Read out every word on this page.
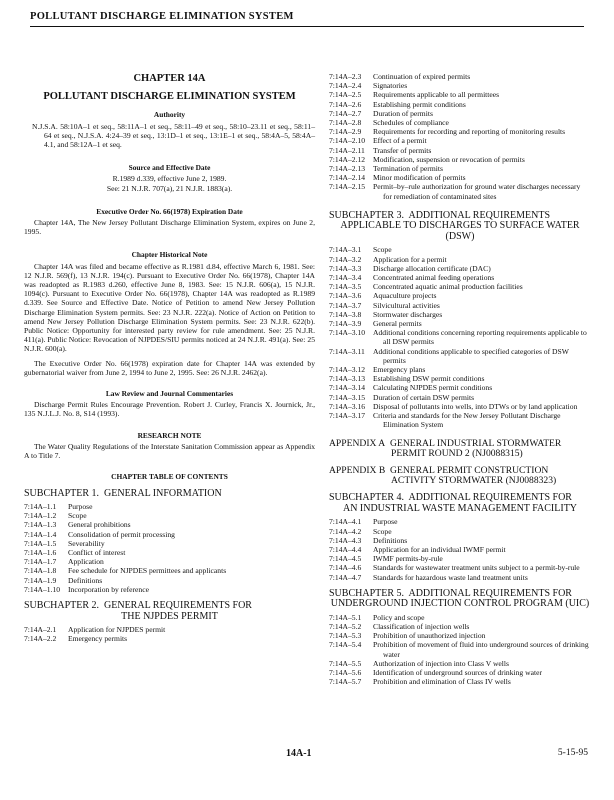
POLLUTANT DISCHARGE ELIMINATION SYSTEM
CHAPTER 14A
POLLUTANT DISCHARGE ELIMINATION SYSTEM
Authority

N.J.S.A. 58:10A–1 et seq., 58:11A–1 et seq., 58:11–49 et seq., 58:10–23.11 et seq., 58:11–64 et seq., N.J.S.A. 4:24–39 et seq., 13:1D–1 et seq., 13:1E–1 et seq., 58:4A–5, 58:4A–4.1, and 58:12A–1 et seq.

Source and Effective Date
R.1989 d.339, effective June 2, 1989.
See: 21 N.J.R. 707(a), 21 N.J.R. 1883(a).
Executive Order No. 66(1978) Expiration Date

Chapter 14A, The New Jersey Pollutant Discharge Elimination System, expires on June 2, 1995.

Chapter Historical Note

Chapter 14A was filed and became effective as R.1981 d.84, effective March 6, 1981. See: 12 N.J.R. 569(f), 13 N.J.R. 194(c). Pursuant to Executive Order No. 66(1978), Chapter 14A was readopted as R.1983 d.260, effective June 8, 1983. See: 15 N.J.R. 606(a), 15 N.J.R. 1094(c). Pursuant to Executive Order No. 66(1978), Chapter 14A was readopted as R.1989 d.339. See Source and Effective Date. Notice of Petition to amend New Jersey Pollution Discharge Elimination System permits. See: 23 N.J.R. 222(a). Notice of Action on Petition to amend New Jersey Pollution Discharge Elimination System permits. See: 23 N.J.R. 622(b). Public Notice: Opportunity for interested party review for rule amendment. See: 25 N.J.R. 411(a). Public Notice: Revocation of NJPDES/SIU permits noticed at 24 N.J.R. 491(a). See: 25 N.J.R. 600(a).

The Executive Order No. 66(1978) expiration date for Chapter 14A was extended by gubernatorial waiver from June 2, 1994 to June 2, 1995. See: 26 N.J.R. 2462(a).

Law Review and Journal Commentaries

Discharge Permit Rules Encourage Prevention. Robert J. Curley, Francis X. Journick, Jr., 135 N.J.L.J. No. 8, S14 (1993).

RESEARCH NOTE

The Water Quality Regulations of the Interstate Sanitation Commission appear as Appendix A to Title 7.

CHAPTER TABLE OF CONTENTS
SUBCHAPTER 1. GENERAL INFORMATION
7:14A–1.1	Purpose
7:14A–1.2	Scope
7:14A–1.3	General prohibitions
7:14A–1.4	Consolidation of permit processing
7:14A–1.5	Severability
7:14A–1.6	Conflict of interest
7:14A–1.7	Application
7:14A–1.8	Fee schedule for NJPDES permittees and applicants
7:14A–1.9	Definitions
7:14A–1.10	Incorporation by reference
SUBCHAPTER 2. GENERAL REQUIREMENTS FOR
THE NJPDES PERMIT
7:14A–2.1	Application for NJPDES permit
7:14A–2.2	Emergency permits
7:14A–2.3	Continuation of expired permits
7:14A–2.4	Signatories
7:14A–2.5	Requirements applicable to all permittees
7:14A–2.6	Establishing permit conditions
7:14A–2.7	Duration of permits
7:14A–2.8	Schedules of compliance
7:14A–2.9	Requirements for recording and reporting of monitoring results
7:14A–2.10	Effect of a permit
7:14A–2.11	Transfer of permits
7:14A–2.12	Modification, suspension or revocation of permits
7:14A–2.13	Termination of permits
7:14A–2.14	Minor modification of permits
7:14A–2.15	Permit–by–rule authorization for ground water discharges necessary for remediation of contaminated sites
SUBCHAPTER 3. ADDITIONAL REQUIREMENTS
APPLICABLE TO DISCHARGES TO SURFACE WATER (DSW)
7:14A–3.1	Scope
7:14A–3.2	Application for a permit
7:14A–3.3	Discharge allocation certificate (DAC)
7:14A–3.4	Concentrated animal feeding operations
7:14A–3.5	Concentrated aquatic animal production facilities
7:14A–3.6	Aquaculture projects
7:14A–3.7	Silvicultural activities
7:14A–3.8	Stormwater discharges
7:14A–3.9	General permits
7:14A–3.10	Additional conditions concerning reporting requirements applicable to all DSW permits
7:14A–3.11	Additional conditions applicable to specified categories of DSW permits
7:14A–3.12	Emergency plans
7:14A–3.13	Establishing DSW permit conditions
7:14A–3.14	Calculating NJPDES permit conditions
7:14A–3.15	Duration of certain DSW permits
7:14A–3.16	Disposal of pollutants into wells, into DTWs or by land application
7:14A–3.17	Criteria and standards for the New Jersey Pollutant Discharge Elimination System
APPENDIX A GENERAL INDUSTRIAL STORMWATER
PERMIT ROUND 2 (NJ0088315)
APPENDIX B GENERAL PERMIT CONSTRUCTION
ACTIVITY STORMWATER (NJ0088323)
SUBCHAPTER 4. ADDITIONAL REQUIREMENTS FOR
AN INDUSTRIAL WASTE MANAGEMENT FACILITY
7:14A–4.1	Purpose
7:14A–4.2	Scope
7:14A–4.3	Definitions
7:14A–4.4	Application for an individual IWMF permit
7:14A–4.5	IWMF permits-by-rule
7:14A–4.6	Standards for wastewater treatment units subject to a permit-by-rule
7:14A–4.7	Standards for hazardous waste land treatment units
SUBCHAPTER 5. ADDITIONAL REQUIREMENTS FOR
UNDERGROUND INJECTION CONTROL PROGRAM (UIC)
7:14A–5.1	Policy and scope
7:14A–5.2	Classification of injection wells
7:14A–5.3	Prohibition of unauthorized injection
7:14A–5.4	Prohibition of movement of fluid into underground sources of drinking water
7:14A–5.5	Authorization of injection into Class V wells
7:14A–5.6	Identification of underground sources of drinking water
7:14A–5.7	Prohibition and elimination of Class IV wells
14A-1	5-15-95
